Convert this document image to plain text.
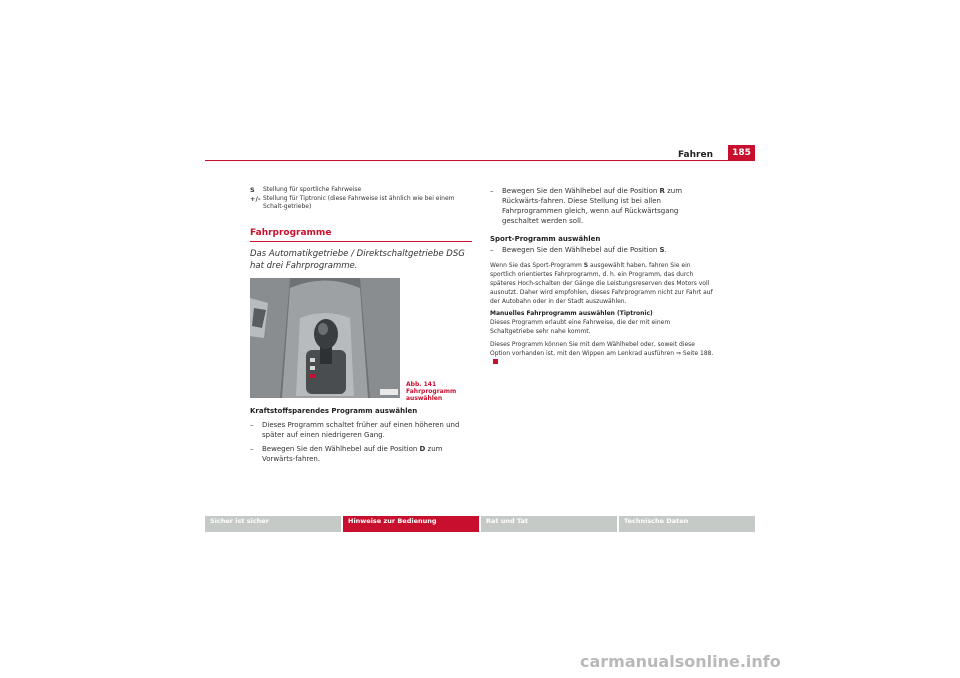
Fahren	185
S	Stellung für sportliche Fahrweise
+/- Stellung für Tiptronic (diese Fahrweise ist ähnlich wie bei einem Schalt-getriebe)
Fahrprogramme
Das Automatikgetriebe / Direktschaltgetriebe DSG hat drei Fahrprogramme.
Abb. 141 Fahrprogramm auswählen
Kraftstoffsparendes Programm auswählen
–	Dieses Programm schaltet früher auf einen höheren und später auf einen niedrigeren Gang.
–	Bewegen Sie den Wählhebel auf die Position D zum Vorwärts-fahren.
–	Bewegen Sie den Wählhebel auf die Position R zum Rückwärts-fahren. Diese Stellung ist bei allen Fahrprogrammen gleich, wenn auf Rückwärtsgang geschaltet werden soll.
Sport-Programm auswählen
–	Bewegen Sie den Wählhebel auf die Position S.
Wenn Sie das Sport-Programm S ausgewählt haben, fahren Sie ein sportlich orientiertes Fahrprogramm, d. h. ein Programm, das durch späteres Hoch-schalten der Gänge die Leistungsreserven des Motors voll ausnutzt. Daher wird empfohlen, dieses Fahrprogramm nicht zur Fahrt auf der Autobahn oder in der Stadt auszuwählen.
Manuelles Fahrprogramm auswählen (Tiptronic)
Dieses Programm erlaubt eine Fahrweise, die der mit einem Schaltgetriebe sehr nahe kommt.
Dieses Programm können Sie mit dem Wählhebel oder, soweit diese Option vorhanden ist, mit den Wippen am Lenkrad ausführen ⇒ Seite 188.
Sicher ist sicher	Hinweise zur Bedienung	Rat und Tat	Technische Daten
carmanualsonline.info
